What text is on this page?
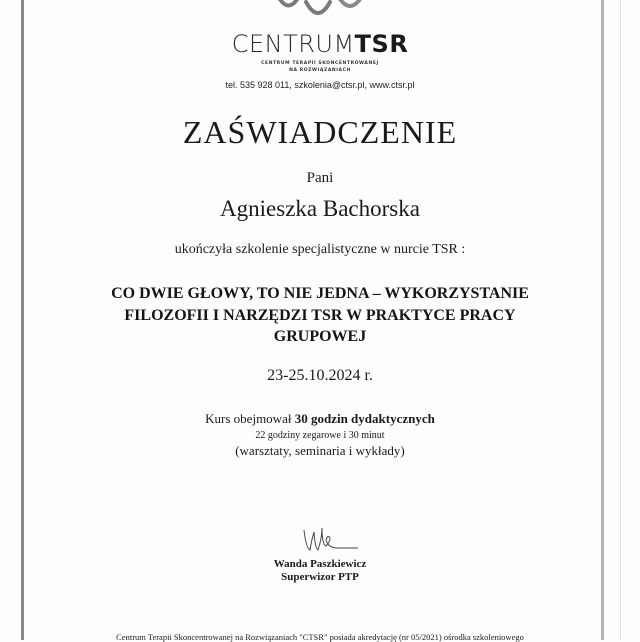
CENTRUMTSR
CENTRUM TERAPII SKONCENTROWANEJ
NA ROZWIĄZANIACH
tel. 535 928 011, szkolenia@ctsr.pl, www.ctsr.pl
ZAŚWIADCZENIE
Pani
Agnieszka Bachorska
ukończyła szkolenie specjalistyczne w nurcie TSR :
CO DWIE GŁOWY, TO NIE JEDNA – WYKORZYSTANIE
FILOZOFII I NARZĘDZI TSR W PRAKTYCE PRACY
GRUPOWEJ
23-25.10.2024 r.
Kurs obejmował 30 godzin dydaktycznych
22 godziny zegarowe i 30 minut
(warsztaty, seminaria i wykłady)
Wanda Paszkiewicz
Superwizor PTP
Centrum Terapii Skoncentrowanej na Rozwiązaniach "CTSR" posiada akredytację (nr 05/2021) ośrodka szkoleniowego
